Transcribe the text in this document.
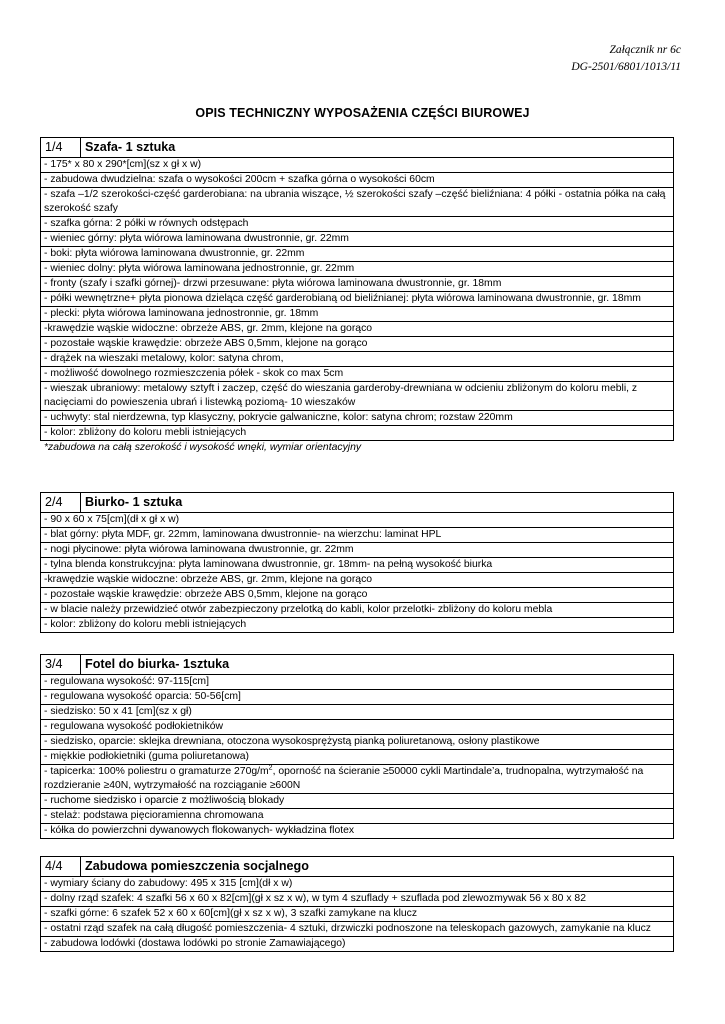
Załącznik nr 6c
DG-2501/6801/1013/11
OPIS TECHNICZNY WYPOSAŻENIA CZĘŚCI BIUROWEJ
1/4	Szafa- 1 sztuka
- 175* x 80 x 290*[cm](sz x gł x w)
- zabudowa dwudzielna: szafa o wysokości 200cm + szafka górna o wysokości 60cm
- szafa –1/2 szerokości-część garderobiana: na ubrania wiszące, ½ szerokości szafy –część bieliźniana: 4 półki - ostatnia półka na całą szerokość szafy
- szafka górna: 2 półki w równych odstępach
- wieniec górny: płyta wiórowa laminowana dwustronnie, gr. 22mm
- boki: płyta wiórowa laminowana dwustronnie, gr. 22mm
- wieniec dolny: płyta wiórowa laminowana jednostronnie, gr. 22mm
- fronty (szafy i szafki górnej)- drzwi przesuwane: płyta wiórowa laminowana dwustronnie, gr. 18mm
- półki wewnętrzne+ płyta pionowa dzieląca część garderobianą od bieliźnianej: płyta wiórowa laminowana dwustronnie, gr. 18mm
- plecki: płyta wiórowa laminowana jednostronnie, gr. 18mm
-krawędzie wąskie widoczne: obrzeże ABS, gr. 2mm, klejone na gorąco
- pozostałe wąskie krawędzie: obrzeże ABS 0,5mm, klejone na gorąco
- drążek na wieszaki metalowy, kolor: satyna chrom,
- możliwość dowolnego rozmieszczenia półek - skok co max 5cm
- wieszak ubraniowy: metalowy sztyft i zaczep, część do wieszania garderoby-drewniana w odcieniu zbliżonym do koloru mebli, z nacięciami do powieszenia ubrań i listewką poziomą- 10 wieszaków
- uchwyty: stal nierdzewna, typ klasyczny, pokrycie galwaniczne, kolor: satyna chrom; rozstaw 220mm
- kolor: zbliżony do koloru mebli istniejących
*zabudowa na całą szerokość i wysokość wnęki, wymiar orientacyjny
2/4	Biurko- 1 sztuka
- 90 x 60 x 75[cm](dł x gł x w)
- blat górny: płyta MDF, gr. 22mm, laminowana dwustronnie- na wierzchu: laminat HPL
- nogi płycinowe: płyta wiórowa laminowana dwustronnie, gr. 22mm
- tylna blenda konstrukcyjna: płyta laminowana dwustronnie, gr. 18mm- na pełną wysokość biurka
-krawędzie wąskie widoczne: obrzeże ABS, gr. 2mm, klejone na gorąco
- pozostałe wąskie krawędzie: obrzeże ABS 0,5mm, klejone na gorąco
- w blacie należy przewidzieć otwór zabezpieczony przelotką do kabli, kolor przelotki- zbliżony do koloru mebla
- kolor: zbliżony do koloru mebli istniejących
3/4	Fotel do biurka- 1sztuka
- regulowana wysokość: 97-115[cm]
- regulowana wysokość oparcia: 50-56[cm]
- siedzisko: 50 x 41 [cm](sz x gł)
- regulowana wysokość podłokietników
- siedzisko, oparcie: sklejka drewniana, otoczona wysokosprężystą pianką poliuretanową, osłony plastikowe
- miękkie podłokietniki (guma poliuretanowa)
- tapicerka: 100% poliestru o gramaturze $270g/m^2$, oporność na ścieranie ≥50000 cykli Martindale’a, trudnopalna, wytrzymałość na rozdzieranie ≥40N, wytrzymałość na rozciąganie ≥600N
- ruchome siedzisko i oparcie z możliwością blokady
- stelaż: podstawa pięcioramienna chromowana
- kółka do powierzchni dywanowych flokowanych- wykładzina flotex
4/4	Zabudowa pomieszczenia socjalnego
- wymiary ściany do zabudowy: 495 x 315 [cm](dł x w)
- dolny rząd szafek: 4 szafki 56 x 60 x 82[cm](gł x sz x w), w tym 4 szuflady + szuflada pod zlewozmywak 56 x 80 x 82
- szafki górne: 6 szafek 52 x 60 x 60[cm](gł x sz x w), 3 szafki zamykane na klucz
- ostatni rząd szafek na całą długość pomieszczenia- 4 sztuki, drzwiczki podnoszone na teleskopach gazowych, zamykanie na klucz
- zabudowa lodówki (dostawa lodówki po stronie Zamawiającego)
